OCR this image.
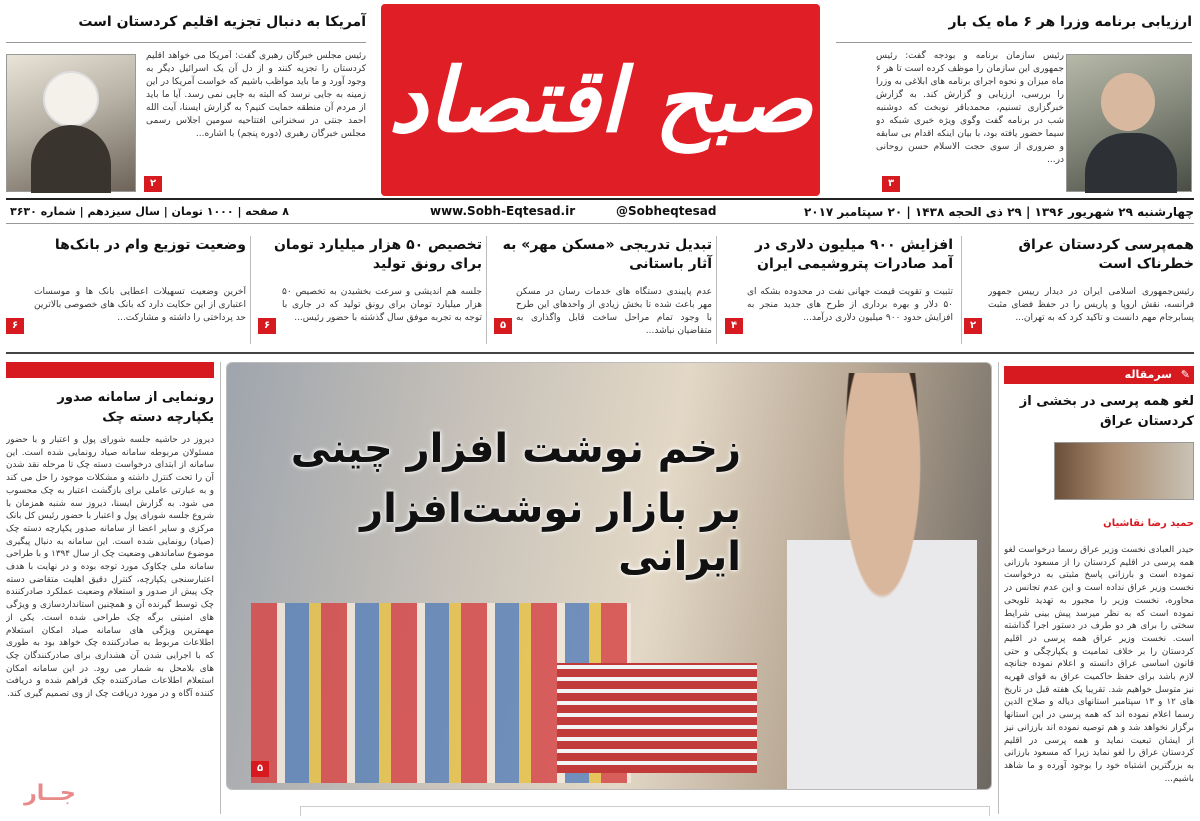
آمریکا به دنبال تجزیه اقلیم کردستان است
رئیس مجلس خبرگان رهبری گفت: آمریکا می خواهد اقلیم کردستان را تجزیه کنند و از دل آن یک اسرائیل دیگر به وجود آورد و ما باید مواظب باشیم که خواست آمریکا در این زمینه به جایی نرسد که البته به جایی نمی رسد. آیا ما باید از مردم آن منطقه حمایت کنیم؟ به گزارش ایسنا، آیت الله احمد جنتی در سخنرانی افتتاحیه سومین اجلاس رسمی مجلس خبرگان رهبری (دوره پنجم) با اشاره...
۲
صبح اقتصاد
ارزیابی برنامه وزرا هر ۶ ماه یک بار
رئیس سازمان برنامه و بودجه گفت: رئیس جمهوری این سازمان را موظف کرده است تا هر ۶ ماه میزان و نحوه اجرای برنامه های ابلاغی به وزرا را بررسی، ارزیابی و گزارش کند. به گزارش خبرگزاری تسنیم، محمدباقر نوبخت که دوشنبه شب در برنامه گفت وگوی ویژه خبری شبکه دو سیما حضور یافته بود، با بیان اینکه اقدام بی سابقه و ضروری از سوی حجت الاسلام حسن روحانی در...
۳
چهارشنبه ۲۹ شهریور ۱۳۹۶ | ۲۹ ذی الحجه ۱۴۳۸ | ۲۰ سپتامبر ۲۰۱۷
@Sobheqtesad
www.Sobh-Eqtesad.ir
۸ صفحه | ۱۰۰۰ تومان | سال سیزدهم | شماره ۳۶۳۰
همه‌پرسی کردستان عراق خطرناک است
رئیس‌جمهوری اسلامی ایران در دیدار رییس جمهور فرانسه، نقش اروپا و پاریس را در حفظ فضای مثبت پسابرجام مهم دانست و تاکید کرد که به تهران...
۲
افزایش ۹۰۰ میلیون دلاری در آمد صادرات پتروشیمی ایران
تثبیت و تقویت قیمت جهانی نفت در محدوده بشکه ای ۵۰ دلار و بهره برداری از طرح های جدید منجر به افزایش حدود ۹۰۰ میلیون دلاری درآمد...
۴
تبدیل تدریجی «مسکن مهر» به آثار باستانی
عدم پایبندی دستگاه های خدمات رسان در مسکن مهر باعث شده تا بخش زیادی از واحدهای این طرح با وجود تمام مراحل ساخت قابل واگذاری به متقاضیان نباشد...
۵
تخصیص ۵۰ هزار میلیارد تومان برای رونق تولید
جلسه هم اندیشی و سرعت بخشیدن به تخصیص ۵۰ هزار میلیارد تومان برای رونق تولید که در جاری با توجه به تجربه موفق سال گذشته با حضور رئیس...
۶
وضعیت توزیع وام در بانک‌ها
آخرین وضعیت تسهیلات اعطایی بانک ها و موسسات اعتباری از این حکایت دارد که بانک های خصوصی بالاترین حد پرداختی را داشته و مشارکت...
۶
رونمایی از سامانه صدور یکپارچه دسته چک
دیروز در حاشیه جلسه شورای پول و اعتبار و با حضور مسئولان مربوطه سامانه صیاد رونمایی شده است. این سامانه از ابتدای درخواست دسته چک تا مرحله نقد شدن آن را تحت کنترل داشته و مشکلات موجود را حل می کند و به عبارتی عاملی برای بازگشت اعتبار به چک محسوب می شود. به گزارش ایسنا، دیروز سه شنبه همزمان با شروع جلسه شورای پول و اعتبار با حضور رئیس کل بانک مرکزی و سایر اعضا از سامانه صدور یکپارچه دسته چک (صیاد) رونمایی شده است. این سامانه به دنبال پیگیری موضوع ساماندهی وضعیت چک از سال ۱۳۹۴ و با طراحی سامانه ملی چکاوک مورد توجه بوده و در نهایت با هدف اعتبارسنجی یکپارچه، کنترل دقیق اهلیت متقاضی دسته چک پیش از صدور و استعلام وضعیت عملکرد صادرکننده چک توسط گیرنده آن و همچنین استانداردسازی و ویژگی های امنیتی برگه چک طراحی شده است. یکی از مهمترین ویژگی های سامانه صیاد امکان استعلام اطلاعات مربوط به صادرکننده چک خواهد بود به طوری که با اجرایی شدن آن هشداری برای صادرکنندگان چک های بلامحل به شمار می رود. در این سامانه امکان استعلام اطلاعات صادرکننده چک فراهم شده و دریافت کننده آگاه و در مورد دریافت چک از وی تصمیم گیری کند.
زخم نوشت افزار چینی
بر بازار نوشت‌افزار ایرانی
۵
✎
سرمقاله
لغو همه پرسی در بخشی از کردستان عراق
حمید رضا نقاشیان
حیدر العبادی نخست وزیر عراق رسما درخواست لغو همه پرسی در اقلیم کردستان را از مسعود بارزانی نموده است و بارزانی پاسخ مثبتی به درخواست نخست وزیر عراق نداده است و این عدم تجانس در محاوره، نخست وزیر را مجبور به تهدید تلویحی نموده است که به نظر میرسد پیش بینی شرایط سختی را برای هر دو طرف در دستور اجرا گذاشته است. نخست وزیر عراق همه پرسی در اقلیم کردستان را بر خلاف تمامیت و یکپارچگی و حتی قانون اساسی عراق دانسته و اعلام نموده جنانچه لازم باشد برای حفظ حاکمیت عراق به قوای قهریه نیز متوسل خواهیم شد. تقریبا یک هفته قبل در تاریخ های ۱۲ و ۱۳ سپتامبر استانهای دیاله و صلاح الدین رسما اعلام نموده اند که همه پرسی در این استانها برگزار نخواهد شد و هم توصیه نموده اند بارزانی نیز از ایشان تبعیت نماید و همه پرسی در اقلیم کردستان عراق را لغو نماید زیرا که مسعود بارزانی به بزرگترین اشتباه خود را بوجود آورده و ما شاهد باشیم...
جــار
